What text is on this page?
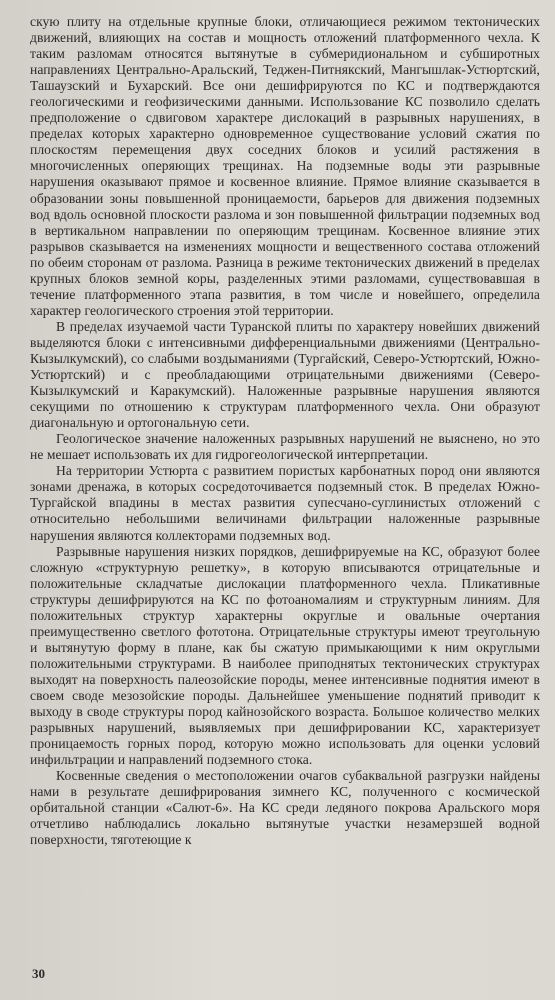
скую плиту на отдельные крупные блоки, отличающиеся режимом тектонических движений, влияющих на состав и мощность отложений платформенного чехла. К таким разломам относятся вытянутые в субмеридиональном и субширотных направлениях Центрально-Аральский, Теджен-Питнякский, Мангышлак-Устюртский, Ташаузский и Бухарский. Все они дешифрируются по КС и подтверждаются геологическими и геофизическими данными. Использование КС позволило сделать предположение о сдвиговом характере дислокаций в разрывных нарушениях, в пределах которых характерно одновременное существование условий сжатия по плоскостям перемещения двух соседних блоков и усилий растяжения в многочисленных оперяющих трещинах. На подземные воды эти разрывные нарушения оказывают прямое и косвенное влияние. Прямое влияние сказывается в образовании зоны повышенной проницаемости, барьеров для движения подземных вод вдоль основной плоскости разлома и зон повышенной фильтрации подземных вод в вертикальном направлении по оперяющим трещинам. Косвенное влияние этих разрывов сказывается на изменениях мощности и вещественного состава отложений по обеим сторонам от разлома. Разница в режиме тектонических движений в пределах крупных блоков земной коры, разделенных этими разломами, существовавшая в течение платформенного этапа развития, в том числе и новейшего, определила характер геологического строения этой территории.

В пределах изучаемой части Туранской плиты по характеру новейших движений выделяются блоки с интенсивными дифференциальными движениями (Центрально-Кызылкумский), со слабыми воздыманиями (Тургайский, Северо-Устюртский, Южно-Устюртский) и с преобладающими отрицательными движениями (Северо-Кызылкумский и Каракумский). Наложенные разрывные нарушения являются секущими по отношению к структурам платформенного чехла. Они образуют диагональную и ортогональную сети.

Геологическое значение наложенных разрывных нарушений не выяснено, но это не мешает использовать их для гидрогеологической интерпретации.

На территории Устюрта с развитием пористых карбонатных пород они являются зонами дренажа, в которых сосредоточивается подземный сток. В пределах Южно-Тургайской впадины в местах развития супесчано-суглинистых отложений с относительно небольшими величинами фильтрации наложенные разрывные нарушения являются коллекторами подземных вод.

Разрывные нарушения низких порядков, дешифрируемые на КС, образуют более сложную «структурную решетку», в которую вписываются отрицательные и положительные складчатые дислокации платформенного чехла. Пликативные структуры дешифрируются на КС по фотоаномалиям и структурным линиям. Для положительных структур характерны округлые и овальные очертания преимущественно светлого фототона. Отрицательные структуры имеют треугольную и вытянутую форму в плане, как бы сжатую примыкающими к ним округлыми положительными структурами. В наиболее приподнятых тектонических структурах выходят на поверхность палеозойские породы, менее интенсивные поднятия имеют в своем своде мезозойские породы. Дальнейшее уменьшение поднятий приводит к выходу в своде структуры пород кайнозойского возраста. Большое количество мелких разрывных нарушений, выявляемых при дешифрировании КС, характеризует проницаемость горных пород, которую можно использовать для оценки условий инфильтрации и направлений подземного стока.

Косвенные сведения о местоположении очагов субаквальной разгрузки найдены нами в результате дешифрирования зимнего КС, полученного с космической орбитальной станции «Салют-6». На КС среди ледяного покрова Аральского моря отчетливо наблюдались локально вытянутые участки незамерзшей водной поверхности, тяготеющие к

30
